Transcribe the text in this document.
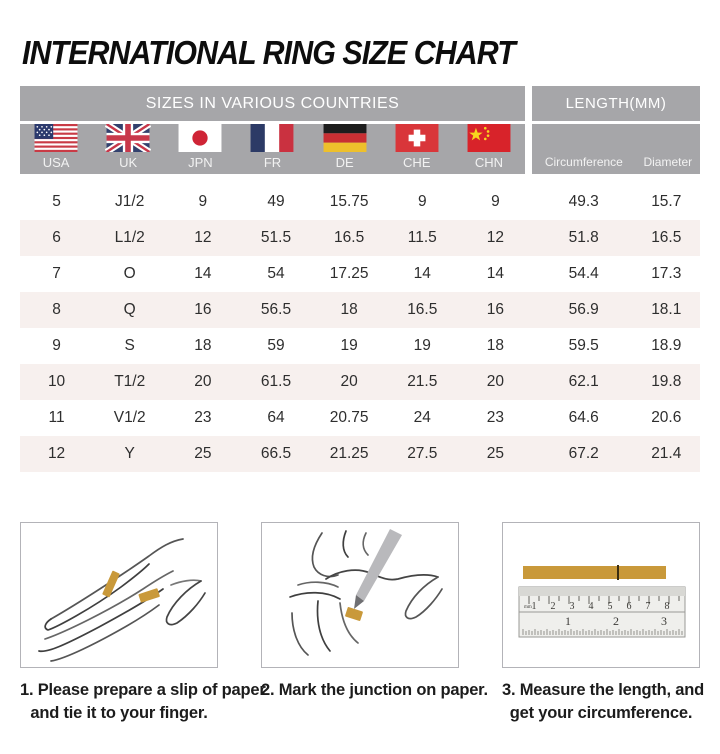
INTERNATIONAL RING SIZE CHART
SIZES IN VARIOUS COUNTRIES	LENGTH(MM)
USA	UK	JPN	FR	DE	CHE	CHN	Circumference	Diameter
5	J1/2	9	49	15.75	9	9	49.3	15.7
6	L1/2	12	51.5	16.5	11.5	12	51.8	16.5
7	O	14	54	17.25	14	14	54.4	17.3
8	Q	16	56.5	18	16.5	16	56.9	18.1
9	S	18	59	19	19	18	59.5	18.9
10	T1/2	20	61.5	20	21.5	20	62.1	19.8
11	V1/2	23	64	20.75	24	23	64.6	20.6
12	Y	25	66.5	21.25	27.5	25	67.2	21.4
1. Please prepare a slip of paper
and tie it to your finger.
2. Mark the junction on paper.
1 2 3 4 5 6 7 8
mm
1	2	3
3. Measure the length, and
get your circumference.
